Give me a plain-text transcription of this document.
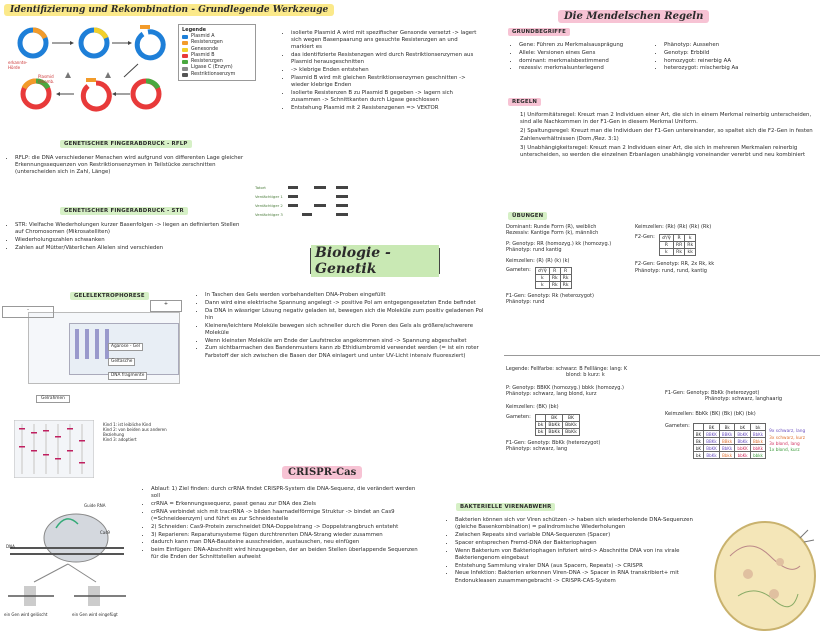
Identifizierung und Rekombination - Grundlegende Werkzeuge
erkannte-
Hörde
Plasmid
rekomb.
Legende
Plasmid A
Resistenzgen
Genesonde
Plasmid B
Resistenzgen
Ligase C (Enzym)
Restriktionsenzym
• isolierte Plasmid A wird mit spezifischer Gensonde versetzt -> lagert sich wegen Basenpaarung ans gesuchte Resistenzgen an und markiert es
• das identifizierte Resistenzgen wird durch Restriktionsenzymen aus Plasmid herausgeschnitten
• -> klebrige Enden entstehen
• Plasmid B wird mit gleichen Restriktionsenzymen geschnitten -> wieder klebrige Enden
• Isolierte Resistenzen B zu Plasmid B gegeben -> lagern sich zusammen -> Schnittkanten durch Ligase geschlossen
• Entstehung Plasmid mit 2 Resistenzgenen => VEKTOR
GENETISCHER FINGERABDRUCK - RFLP
• RFLP: die DNA verschiedener Menschen wird aufgrund von differenten Lage gleicher Erkennungssequenzen von Restriktionsenzymen in Teilstücke zerschnitten (unterscheiden sich in Zahl, Länge)
GENETISCHER FINGERABDRUCK - STR
• STR: Vielfache Wiederholungen kurzer Basenfolgen -> liegen an definierten Stellen auf Chromosomen (Mikrosatelliten)
• Wiederholungszahlen schwanken
• Zahlen auf Mütter/Väterlichen Allelen sind verschieden
Tatort
Verdächtiger 1
Verdächtiger 2
Verdächtiger 3
Biologie - Genetik
GELELEKTROPHORESE
-
+
Agarose - Gel
Geltasche
DNA fragmente
Gelrahmen
Kind 1: ist leibliche Kind
Kind 2: von beiden aus anderen Beziehung
Kind 3: adoptiert
• In Taschen des Gels werden vorbehandelten DNA-Proben eingefüllt
• Dann wird eine elektrische Spannung angelegt -> positive Pol am entgegengesetzten Ende befindet
• Da DNA in wässriger Lösung negativ geladen ist, bewegen sich die Moleküle zum positiv geladenen Pol hin
• Kleinere/leichtere Moleküle bewegen sich schneller durch die Poren des Gels als größere/schwerere Moleküle
• Wenn kleinsten Moleküle am Ende der Laufstrecke angekommen sind -> Spannung abgeschaltet
• Zum sichtbarmachen des Bandenmusters kann zb Ethidiumbromid verwendet werden (= ist ein roter Farbstoff der sich zwischen die Basen der DNA einlagert und unter UV-Licht intensiv fluoresziert)
CRISPR-Cas
Guide RNA
Cas9
DNA
ein Gen wird gelöscht	ein Gen wird eingefügt
• Ablauf: 1) Ziel finden: durch crRNA findet CRISPR-System die DNA-Sequenz, die verändert werden soll
• crRNA = Erkennungssequenz, passt genau zur DNA des Ziels
• crRNA verbindet sich mit tracrRNA -> bilden haarnadelförmige Struktur -> bindet an Cas9 (=Schneideenzym) und führt es zur Schneidestelle
• 2) Schneiden: Cas9-Protein zerschneidet DNA-Doppelstrang -> Doppelstrangbruch entsteht
• 3) Reparieren: Reparatursysteme fügen durchtrennten DNA-Strang wieder zusammen
• dadurch kann man DNA-Bausteine ausschneiden, austauschen, neu einfügen
• beim Einfügen: DNA-Abschnitt wird hinzugegeben, der an beiden Stellen überlappende Sequenzen für die Enden der Schnittstellen aufweist
BAKTERIELLE VIRENABWEHR
• Bakterien können sich vor Viren schützen -> haben sich wiederholende DNA-Sequenzen (gleiche Basenkombination) = palindromische Wiederholungen
• Zwischen Repeats sind variable DNA-Sequenzen (Spacer)
• Spacer entsprechen Fremd-DNA der Bakteriophagen
• Wenn Bakterium von Bakteriophagen infiziert wird-> Abschnitte DNA von ins virale Bakteriengenom eingebaut
• Entstehung Sammlung viraler DNA (aus Spacern, Repeats) -> CRISPR
• Neue Infektion: Bakterien erkennen Viren-DNA -> Spacer in RNA transkribiert+ mit Endonukleasen zusammengebracht -> CRISPR-CAS-System
Die Mendelschen Regeln
GRUNDBEGRIFFE
• Gene: Führen zu Merkmalsausprägung
• Allele: Versionen eines Gens
• dominant: merkmalsbestimmend
• rezessiv: merkmalsunterlegend
• Phänotyp: Aussehen
• Genotyp: Erbbild
• homozygot: reinerbig AA
• heterozygot: mischerbig Aa
REGELN
1) Uniformitätsregel: Kreuzt man 2 Individuen einer Art, die sich in einem Merkmal reinerbig unterscheiden, sind alle Nachkommen in der F1-Gen in diesem Merkmal Uniform.
2) Spaltungsregel: Kreuzt man die Individuen der F1-Gen untereinander, so spaltet sich die F2-Gen in festen Zahlenverhältnissen (Dom./Rez. 3:1)
3) Unabhängigkeitsregel: Kreuzt man 2 Individuen einer Art, die sich in mehreren Merkmalen reinerbig unterscheiden, so werden die einzelnen Erbanlagen unabhängig voneinander vererbt und neu kombiniert
ÜBUNGEN
Dominant: Runde Form (R), weiblich
Rezessiv: Kantige Form (k), männlich
P: Genotyp: RR (homozyg.) kk (homozyg.)
Phänotyp: rund kantig
Keimzellen: (R) (R) (k) (k)
Gameten: ♂/♀	R	R
k	Rk	Rk
k	Rk	Rk
F1-Gen: Genotyp: Rk (heterozygot)
Phänotyp: rund
Keimzellen: (Rk) (Rk) (Rk) (Rk)
F2-Gen: ♂/♀	R	k
R	RR	Rk
k	Rk	kk
F2-Gen: Genotyp: RR, 2x Rk, kk
Phänotyp: rund, rund, kantig
Legende: Fellfarbe: schwarz: B Felllänge: lang: K
blond: b kurz: k
P: Genotyp: BBKK (homozyg.) bbkk (homozyg.)
Phänotyp: schwarz, lang blond, kurz
Keimzellen: (BK) (bk)
Gameten:
		BK	BK
bk	BbKk	BbKk
bk	BbKk	BbKk
F1-Gen: Genotyp: BbKk (heterozygot)
Phänotyp: schwarz, lang
F1-Gen: Genotyp: BbKk (heterozygot)
Phänotyp: schwarz, langhaarig
Keimzellen: BbKk (BK) (Bk) (bK) (bk)
Gameten:
		BK	Bk	bK	bk
BK	BBKK	BBKk	BbKK	BbKk
Bk	BBKk	BBkk	BbKk	Bbkk
bK	BbKK	BbKk	bbKK	bbKk
bk	BbKk	Bbkk	bbKk	bbkk
9x schwarz, lang
3x schwarz, kurz
3x blond, lang
1x blond, kurz
